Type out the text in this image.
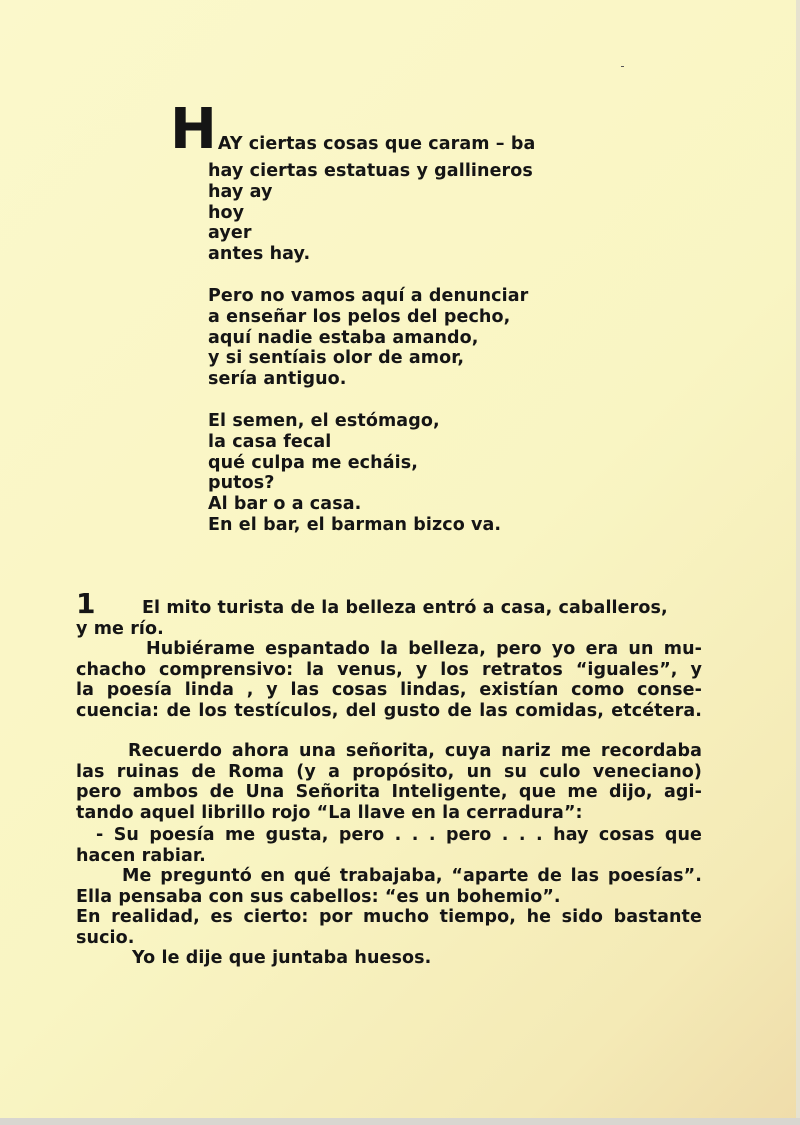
H AY ciertas cosas que caram – ba
hay ciertas estatuas y gallineros
hay ay
hoy
ayer
antes hay.
Pero no vamos aquí a denunciar
a enseñar los pelos del pecho,
aquí nadie estaba amando,
y si sentíais olor de amor,
sería antiguo.
El semen, el estómago,
la casa fecal
qué culpa me echáis,
putos?
Al bar o a casa.
En el bar, el barman bizco va.
1	El mito turista de la belleza entró a casa, caballeros,
y me río.
Hubiérame espantado la belleza, pero yo era un mu-
chacho comprensivo: la venus, y los retratos “iguales”, y
la poesía linda , y las cosas lindas, existían como conse-
cuencia: de los testículos, del gusto de las comidas, etcétera.
Recuerdo ahora una señorita, cuya nariz me recordaba
las ruinas de Roma (y a propósito, un su culo veneciano)
pero ambos de Una Señorita Inteligente, que me dijo, agi-
tando aquel librillo rojo “La llave en la cerradura”:
- Su poesía me gusta, pero . . . pero . . . hay cosas que
hacen rabiar.
Me preguntó en qué trabajaba, “aparte de las poesías”.
Ella pensaba con sus cabellos: “es un bohemio”.
En realidad, es cierto: por mucho tiempo, he sido bastante
sucio.
Yo le dije que juntaba huesos.
